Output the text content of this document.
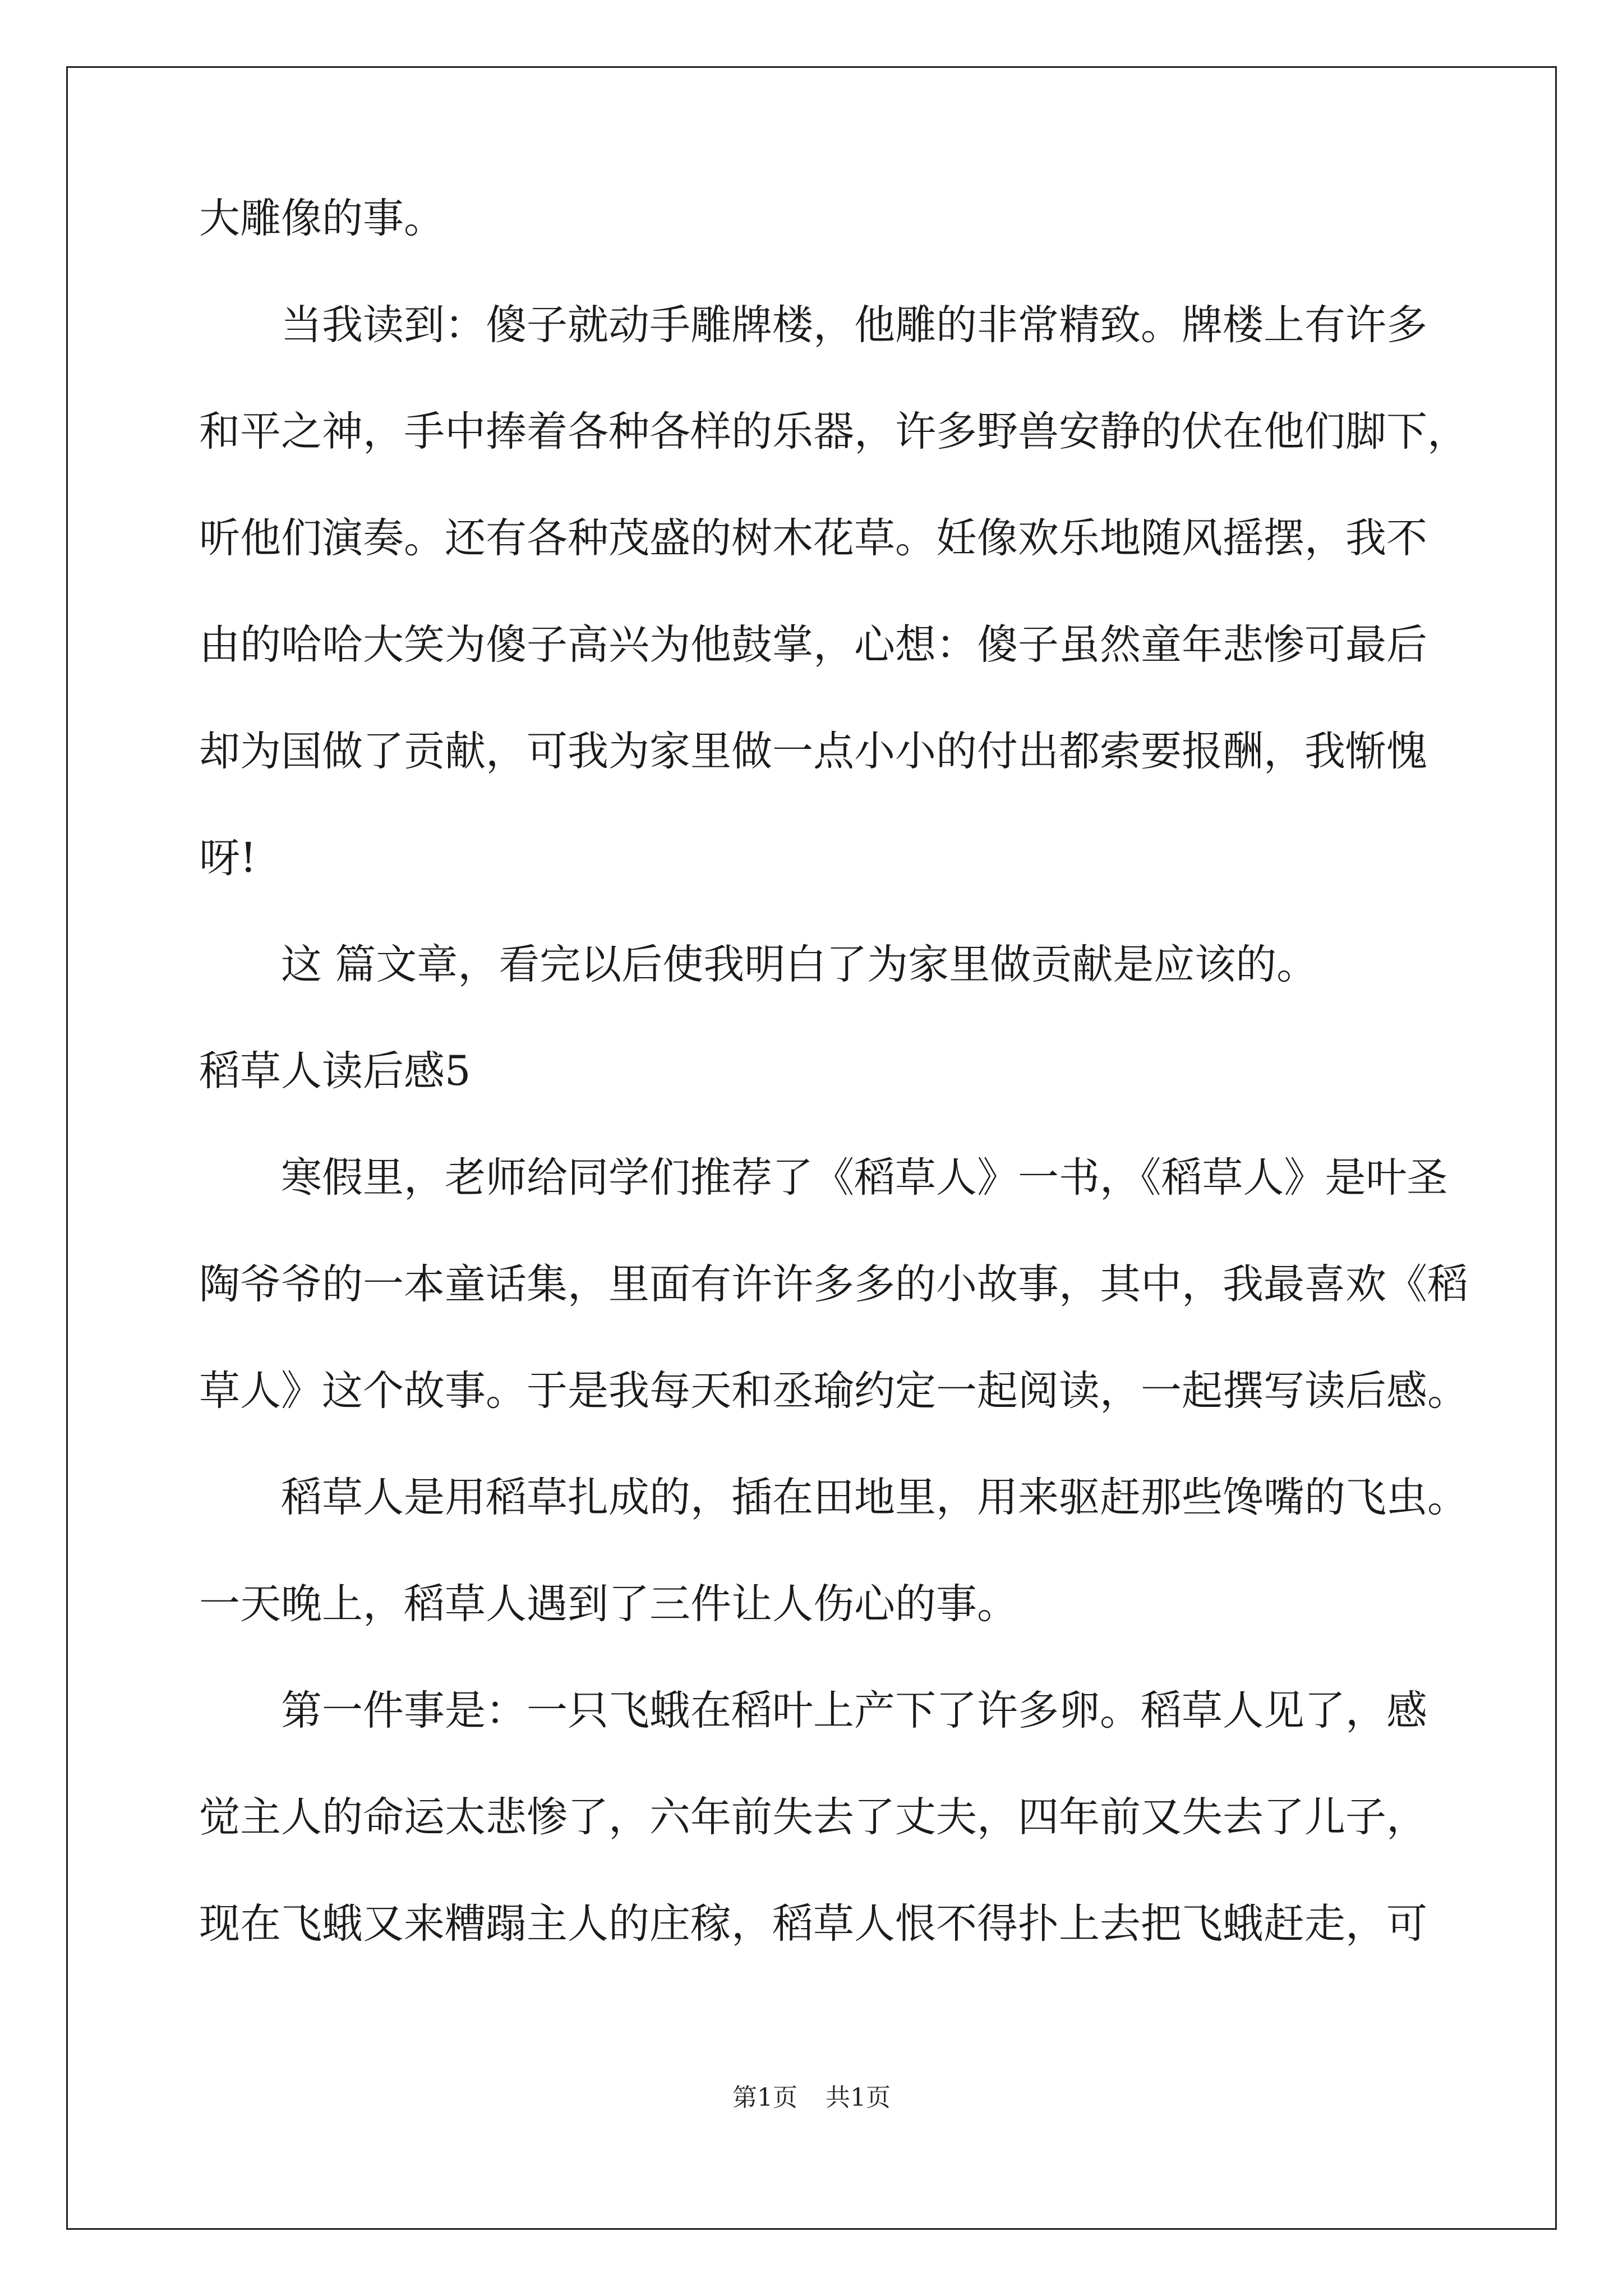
大雕像的事。
当我读到：傻子就动手雕牌楼，他雕的非常精致。牌楼上有许多
和平之神，手中捧着各种各样的乐器，许多野兽安静的伏在他们脚下，
听他们演奏。还有各种茂盛的树木花草。妊像欢乐地随风摇摆，我不
由的哈哈大笑为傻子高兴为他鼓掌，心想：傻子虽然童年悲惨可最后
却为国做了贡献，可我为家里做一点小小的付出都索要报酬，我惭愧
呀!
这 篇文章，看完以后使我明白了为家里做贡献是应该的。
稻草人读后感5
寒假里，老师给同学们推荐了《稻草人》一书，《稻草人》是叶圣
陶爷爷的一本童话集，里面有许许多多的小故事，其中，我最喜欢《稻
草人》这个故事。于是我每天和丞瑜约定一起阅读，一起撰写读后感。
稻草人是用稻草扎成的，插在田地里，用来驱赶那些馋嘴的飞虫。
一天晚上，稻草人遇到了三件让人伤心的事。
第一件事是：一只飞蛾在稻叶上产下了许多卵。稻草人见了，感
觉主人的命运太悲惨了，六年前失去了丈夫，四年前又失去了儿子，
现在飞蛾又来糟蹋主人的庄稼，稻草人恨不得扑上去把飞蛾赶走，可
第1页 共1页
